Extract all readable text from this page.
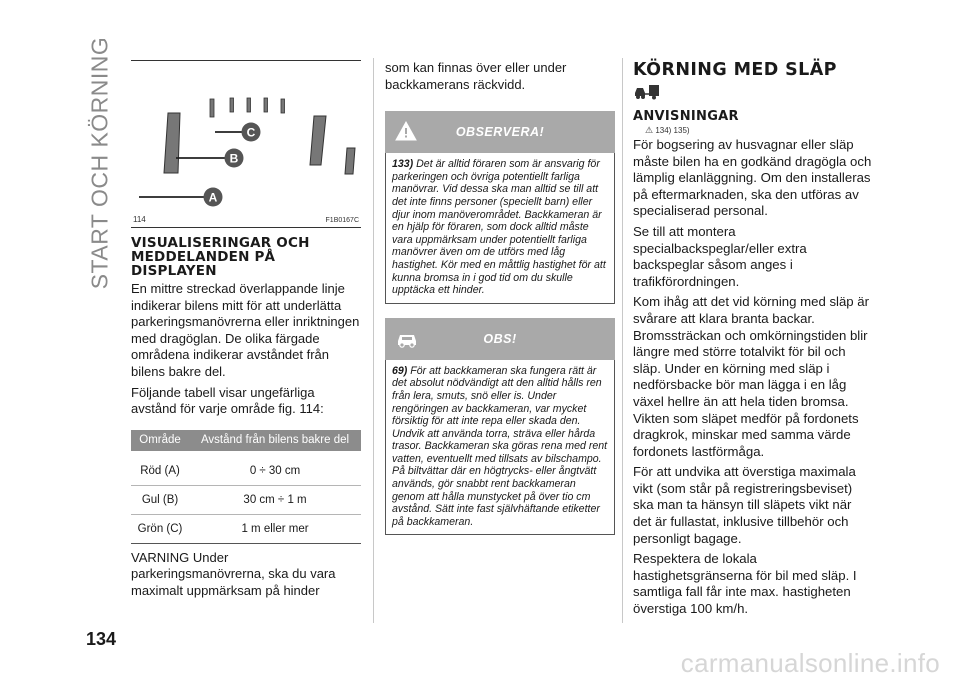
START OCH KÖRNING	C
B
A
114	F1B0167C
VISUALISERINGAR OCH MEDDELANDEN PÅ DISPLAYEN

En mittre streckad överlappande linje indikerar bilens mitt för att underlätta parkeringsmanövrerna eller inriktningen med dragöglan. De olika färgade områdena indikerar avståndet från bilens bakre del.

Följande tabell visar ungefärliga avstånd för varje område fig. 114:

Område	Avstånd från bilens bakre del
Röd (A)	0 ÷ 30 cm
Gul (B)	30 cm ÷ 1 m
Grön (C)	1 m eller mer

VARNING Under parkeringsmanövrerna, ska du vara maximalt uppmärksam på hinder

som kan finnas över eller under backkamerans räckvidd.

OBSERVERA!
133) Det är alltid föraren som är ansvarig för parkeringen och övriga potentiellt farliga manövrar. Vid dessa ska man alltid se till att det inte finns personer (speciellt barn) eller djur inom manöverområdet. Backkameran är en hjälp för föraren, som dock alltid måste vara uppmärksam under potentiellt farliga manövrer även om de utförs med låg hastighet. Kör med en måttlig hastighet för att kunna bromsa in i god tid om du skulle upptäcka ett hinder.
OBS!
69) För att backkameran ska fungera rätt är det absolut nödvändigt att den alltid hålls ren från lera, smuts, snö eller is. Under rengöringen av backkameran, var mycket försiktig för att inte repa eller skada den. Undvik att använda torra, sträva eller hårda trasor. Backkameran ska göras rena med rent vatten, eventuellt med tillsats av bilschampo. På biltvättar där en högtrycks- eller ångtvätt används, gör snabbt rent backkameran genom att hålla munstycket på över tio cm avstånd. Sätt inte fast självhäftande etiketter på backkameran.
KÖRNING MED SLÄP
ANVISNINGAR
⚠ 134) 135)

För bogsering av husvagnar eller släp måste bilen ha en godkänd dragögla och lämplig elanläggning. Om den installeras på eftermarknaden, ska den utföras av specialiserad personal.

Se till att montera specialbackspeglar/eller extra backspeglar såsom anges i trafikförordningen.

Kom ihåg att det vid körning med släp är svårare att klara branta backar. Bromssträckan och omkörningstiden blir längre med större totalvikt för bil och släp. Under en körning med släp i nedförsbacke bör man lägga i en låg växel hellre än att hela tiden bromsa. Vikten som släpet medför på fordonets dragkrok, minskar med samma värde fordonets lastförmåga.

För att undvika att överstiga maximala vikt (som står på registreringsbeviset) ska man ta hänsyn till släpets vikt när det är fullastat, inklusive tillbehör och personligt bagage.

Respektera de lokala hastighetsgränserna för bil med släp. I samtliga fall får inte max. hastigheten överstiga 100 km/h.

134
carmanualsonline.info
